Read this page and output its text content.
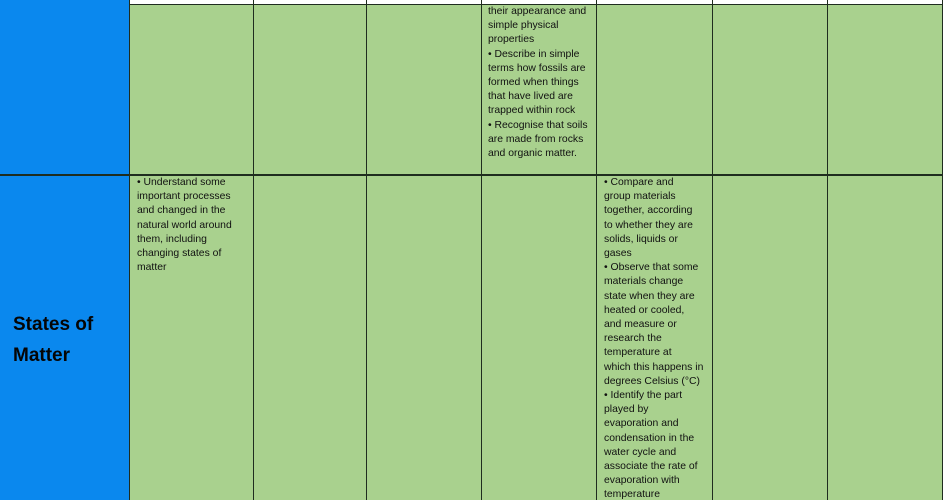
their appearance and
simple physical
properties
• Describe in simple
terms how fossils are
formed when things
that have lived are
trapped within rock
• Recognise that soils
are made from rocks
and organic matter.

States of
Matter

• Understand some
important processes
and changed in the
natural world around
them, including
changing states of
matter

• Compare and
group materials
together, according
to whether they are
solids, liquids or
gases
• Observe that some
materials change
state when they are
heated or cooled,
and measure or
research the
temperature at
which this happens in
degrees Celsius (°C)
• Identify the part
played by
evaporation and
condensation in the
water cycle and
associate the rate of
evaporation with
temperature
